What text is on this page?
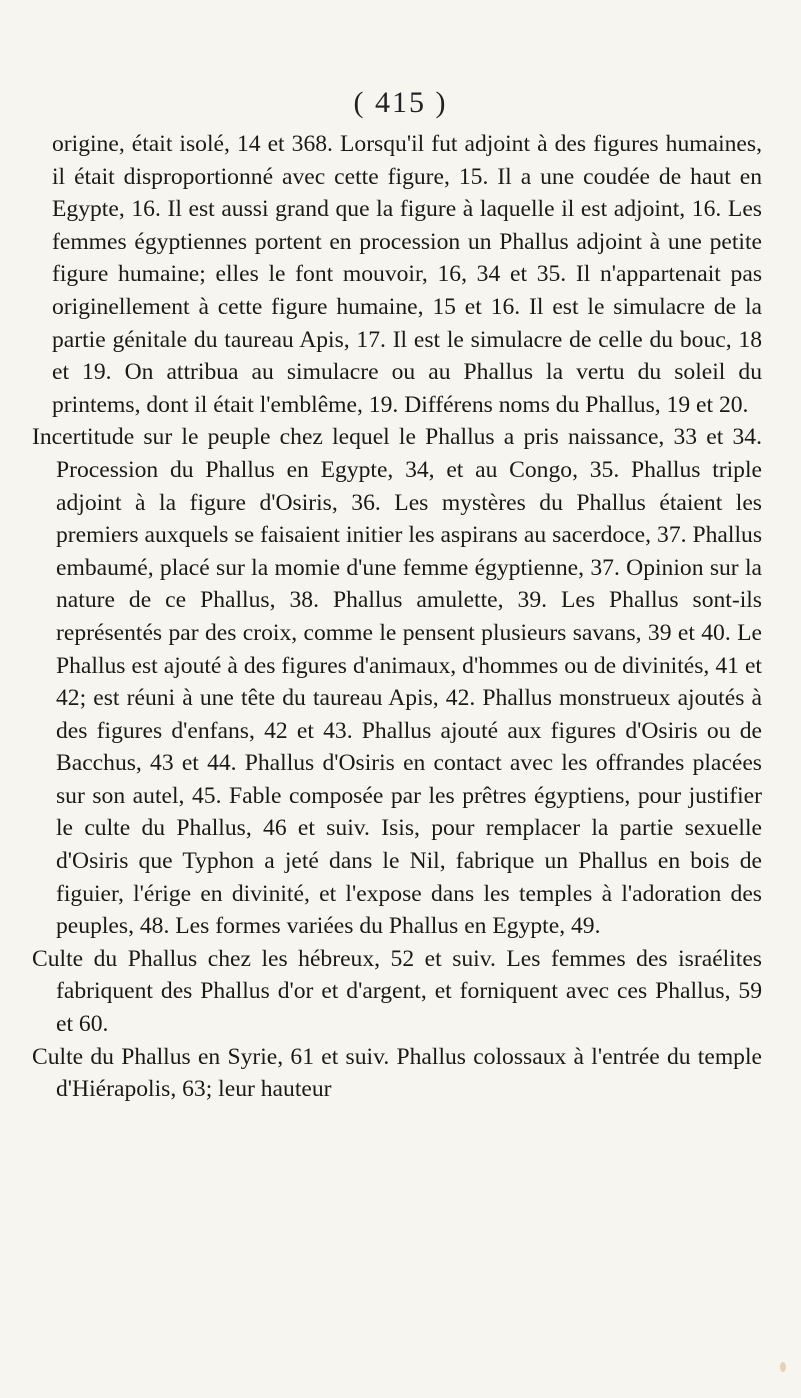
( 415 )

origine, était isolé, 14 et 368. Lorsqu'il fut adjoint à des figures humaines, il était disproportionné avec cette figure, 15. Il a une coudée de haut en Egypte, 16. Il est aussi grand que la figure à laquelle il est adjoint, 16. Les femmes égyptiennes portent en procession un Phallus adjoint à une petite figure humaine; elles le font mouvoir, 16, 34 et 35. Il n'appartenait pas originellement à cette figure humaine, 15 et 16. Il est le simulacre de la partie génitale du taureau Apis, 17. Il est le simulacre de celle du bouc, 18 et 19. On attribua au simulacre ou au Phallus la vertu du soleil du printems, dont il était l'emblême, 19. Différens noms du Phallus, 19 et 20.

Incertitude sur le peuple chez lequel le Phallus a pris naissance, 33 et 34. Procession du Phallus en Egypte, 34, et au Congo, 35. Phallus triple adjoint à la figure d'Osiris, 36. Les mystères du Phallus étaient les premiers auxquels se faisaient initier les aspirans au sacerdoce, 37. Phallus embaumé, placé sur la momie d'une femme égyptienne, 37. Opinion sur la nature de ce Phallus, 38. Phallus amulette, 39. Les Phallus sont-ils représentés par des croix, comme le pensent plusieurs savans, 39 et 40. Le Phallus est ajouté à des figures d'animaux, d'hommes ou de divinités, 41 et 42; est réuni à une tête du taureau Apis, 42. Phallus monstrueux ajoutés à des figures d'enfans, 42 et 43. Phallus ajouté aux figures d'Osiris ou de Bacchus, 43 et 44. Phallus d'Osiris en contact avec les offrandes placées sur son autel, 45. Fable composée par les prêtres égyptiens, pour justifier le culte du Phallus, 46 et suiv. Isis, pour remplacer la partie sexuelle d'Osiris que Typhon a jeté dans le Nil, fabrique un Phallus en bois de figuier, l'érige en divinité, et l'expose dans les temples à l'adoration des peuples, 48. Les formes variées du Phallus en Egypte, 49.

Culte du Phallus chez les hébreux, 52 et suiv. Les femmes des israélites fabriquent des Phallus d'or et d'argent, et forniquent avec ces Phallus, 59 et 60.

Culte du Phallus en Syrie, 61 et suiv. Phallus colossaux à l'entrée du temple d'Hiérapolis, 63; leur hauteur
